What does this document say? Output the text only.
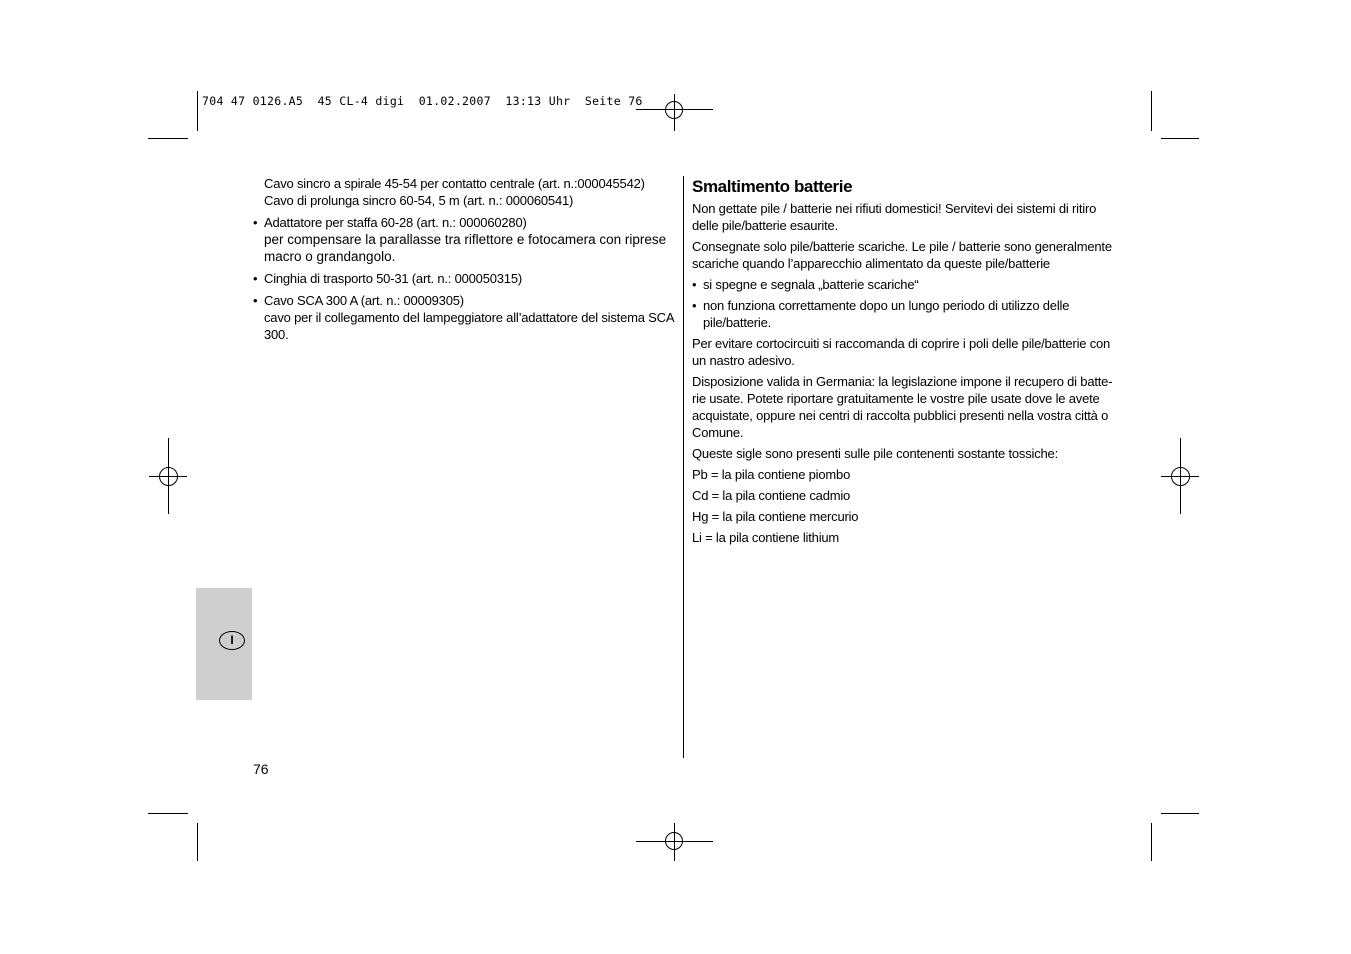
704 47 0126.A5  45 CL-4 digi  01.02.2007  13:13 Uhr  Seite 76
Cavo sincro a spirale 45-54 per contatto centrale (art. n.:000045542)
Cavo di prolunga sincro 60-54, 5 m (art. n.: 000060541)
• Adattatore per staffa 60-28 (art. n.: 000060280)
per compensare la parallasse tra riflettore e fotocamera con riprese macro o grandangolo.
• Cinghia di trasporto 50-31 (art. n.: 000050315)
• Cavo SCA 300 A (art. n.: 00009305)
cavo per il collegamento del lampeggiatore all’adattatore del sistema SCA 300.
Smaltimento batterie

Non gettate pile / batterie nei rifiuti domestici! Servitevi dei sistemi di ritiro delle pile/batterie esaurite.

Consegnate solo pile/batterie scariche. Le pile / batterie sono generalmente scariche quando l’apparecchio alimentato da queste pile/batterie

• si spegne e segnala „batterie scariche“
• non funziona correttamente dopo un lungo periodo di utilizzo delle pile/batterie.

Per evitare cortocircuiti si raccomanda di coprire i poli delle pile/batterie con un nastro adesivo.

Disposizione valida in Germania: la legislazione impone il recupero di batte-rie usate. Potete riportare gratuitamente le vostre pile usate dove le avete acquistate, oppure nei centri di raccolta pubblici presenti nella vostra città o Comune.

Queste sigle sono presenti sulle pile contenenti sostante tossiche:

Pb = la pila contiene piombo

Cd = la pila contiene cadmio

Hg = la pila contiene mercurio

Li = la pila contiene lithium

I
76
